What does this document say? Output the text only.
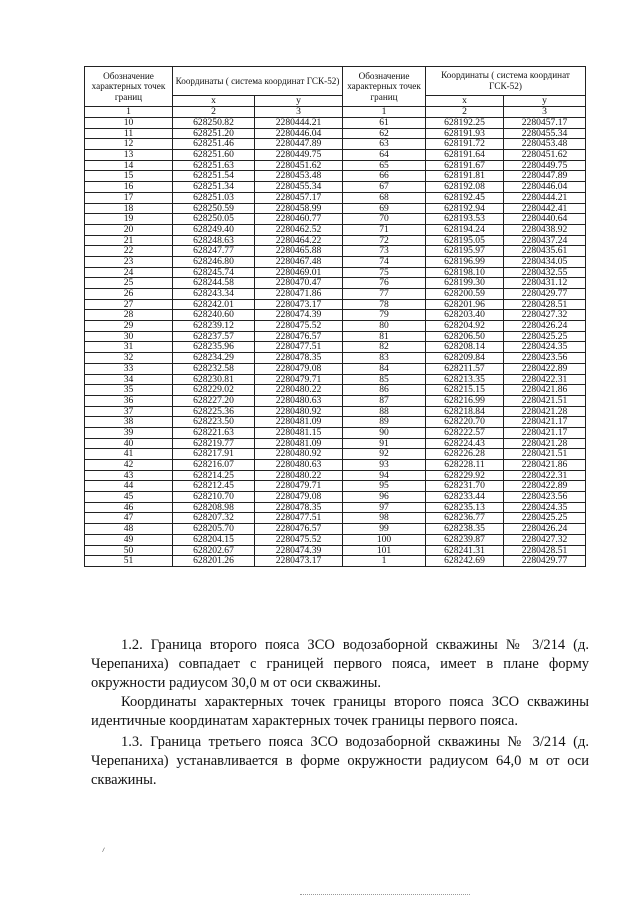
Обозначение характерных точек границ	Координаты ( система координат ГСК-52)		Обозначение характерных точек границ	Координаты ( система координат ГСК-52)	
	x	y		x	y
1	2	3	1	2	3
10	628250.82	2280444.21	61	628192.25	2280457.17
11	628251.20	2280446.04	62	628191.93	2280455.34
12	628251.46	2280447.89	63	628191.72	2280453.48
13	628251.60	2280449.75	64	628191.64	2280451.62
14	628251.63	2280451.62	65	628191.67	2280449.75
15	628251.54	2280453.48	66	628191.81	2280447.89
16	628251.34	2280455.34	67	628192.08	2280446.04
17	628251.03	2280457.17	68	628192.45	2280444.21
18	628250.59	2280458.99	69	628192.94	2280442.41
19	628250.05	2280460.77	70	628193.53	2280440.64
20	628249.40	2280462.52	71	628194.24	2280438.92
21	628248.63	2280464.22	72	628195.05	2280437.24
22	628247.77	2280465.88	73	628195.97	2280435.61
23	628246.80	2280467.48	74	628196.99	2280434.05
24	628245.74	2280469.01	75	628198.10	2280432.55
25	628244.58	2280470.47	76	628199.30	2280431.12
26	628243.34	2280471.86	77	628200.59	2280429.77
27	628242.01	2280473.17	78	628201.96	2280428.51
28	628240.60	2280474.39	79	628203.40	2280427.32
29	628239.12	2280475.52	80	628204.92	2280426.24
30	628237.57	2280476.57	81	628206.50	2280425.25
31	628235.96	2280477.51	82	628208.14	2280424.35
32	628234.29	2280478.35	83	628209.84	2280423.56
33	628232.58	2280479.08	84	628211.57	2280422.89
34	628230.81	2280479.71	85	628213.35	2280422.31
35	628229.02	2280480.22	86	628215.15	2280421.86
36	628227.20	2280480.63	87	628216.99	2280421.51
37	628225.36	2280480.92	88	628218.84	2280421.28
38	628223.50	2280481.09	89	628220.70	2280421.17
39	628221.63	2280481.15	90	628222.57	2280421.17
40	628219.77	2280481.09	91	628224.43	2280421.28
41	628217.91	2280480.92	92	628226.28	2280421.51
42	628216.07	2280480.63	93	628228.11	2280421.86
43	628214.25	2280480.22	94	628229.92	2280422.31
44	628212.45	2280479.71	95	628231.70	2280422.89
45	628210.70	2280479.08	96	628233.44	2280423.56
46	628208.98	2280478.35	97	628235.13	2280424.35
47	628207.32	2280477.51	98	628236.77	2280425.25
48	628205.70	2280476.57	99	628238.35	2280426.24
49	628204.15	2280475.52	100	628239.87	2280427.32
50	628202.67	2280474.39	101	628241.31	2280428.51
51	628201.26	2280473.17	1	628242.69	2280429.77
1.2. Граница второго пояса ЗСО водозаборной скважины № 3/214 (д. Черепаниха) совпадает с границей первого пояса, имеет в плане форму окружности радиусом 30,0 м от оси скважины.
Координаты характерных точек границы второго пояса ЗСО скважины идентичные координатам характерных точек границы первого пояса.
1.3. Граница третьего пояса ЗСО водозаборной скважины № 3/214 (д. Черепаниха) устанавливается в форме окружности радиусом 64,0 м от оси скважины.
⸝
